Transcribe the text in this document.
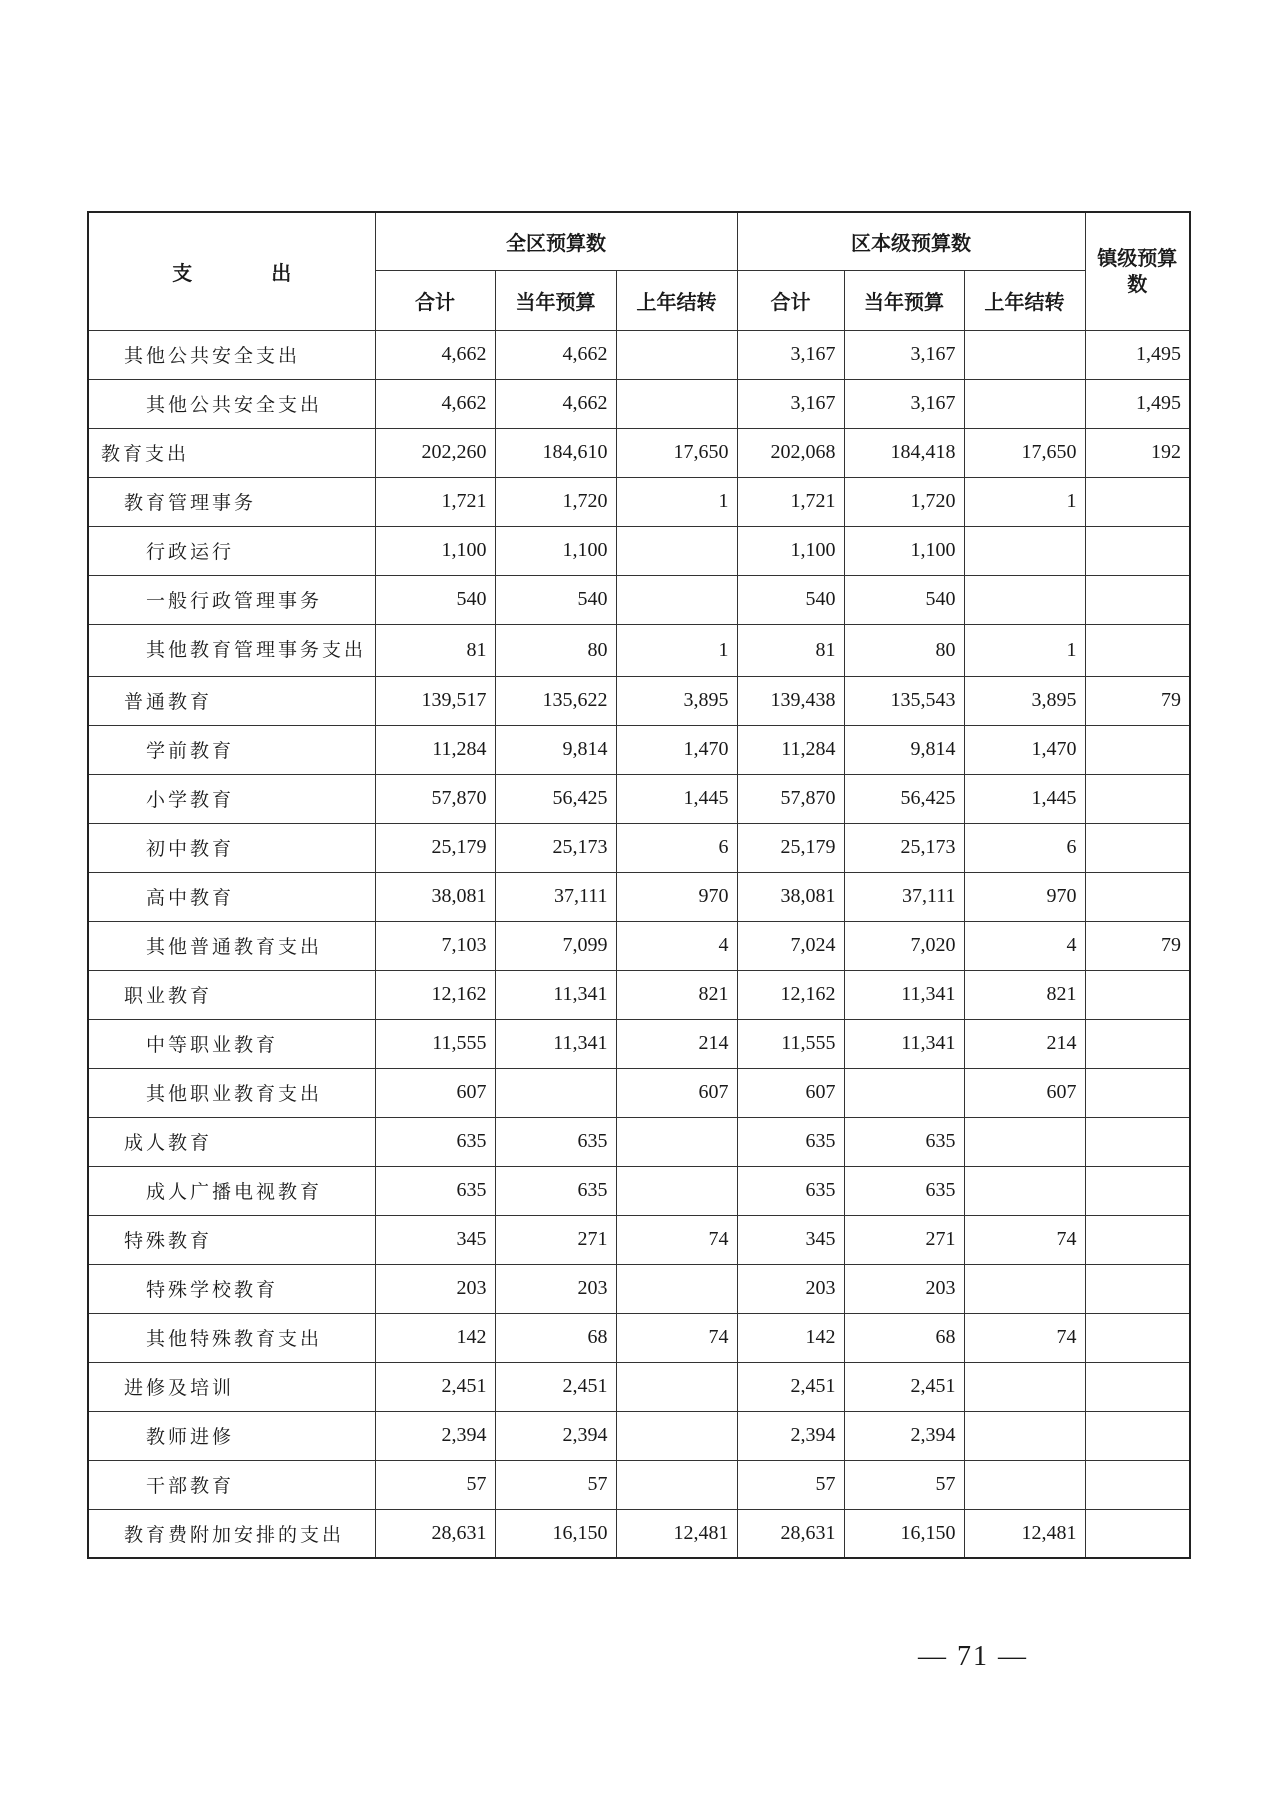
支 出	全区预算数			区本级预算数			镇级预算数
	合计	当年预算	上年结转	合计	当年预算	上年结转	
其他公共安全支出	4,662	4,662		3,167	3,167		1,495
其他公共安全支出	4,662	4,662		3,167	3,167		1,495
教育支出	202,260	184,610	17,650	202,068	184,418	17,650	192
教育管理事务	1,721	1,720	1	1,721	1,720	1	
行政运行	1,100	1,100		1,100	1,100		
一般行政管理事务	540	540		540	540		
其他教育管理事务支出	81	80	1	81	80	1	
普通教育	139,517	135,622	3,895	139,438	135,543	3,895	79
学前教育	11,284	9,814	1,470	11,284	9,814	1,470	
小学教育	57,870	56,425	1,445	57,870	56,425	1,445	
初中教育	25,179	25,173	6	25,179	25,173	6	
高中教育	38,081	37,111	970	38,081	37,111	970	
其他普通教育支出	7,103	7,099	4	7,024	7,020	4	79
职业教育	12,162	11,341	821	12,162	11,341	821	
中等职业教育	11,555	11,341	214	11,555	11,341	214	
其他职业教育支出	607		607	607		607	
成人教育	635	635		635	635		
成人广播电视教育	635	635		635	635		
特殊教育	345	271	74	345	271	74	
特殊学校教育	203	203		203	203		
其他特殊教育支出	142	68	74	142	68	74	
进修及培训	2,451	2,451		2,451	2,451		
教师进修	2,394	2,394		2,394	2,394		
干部教育	57	57		57	57		
教育费附加安排的支出	28,631	16,150	12,481	28,631	16,150	12,481	
— 71 —
